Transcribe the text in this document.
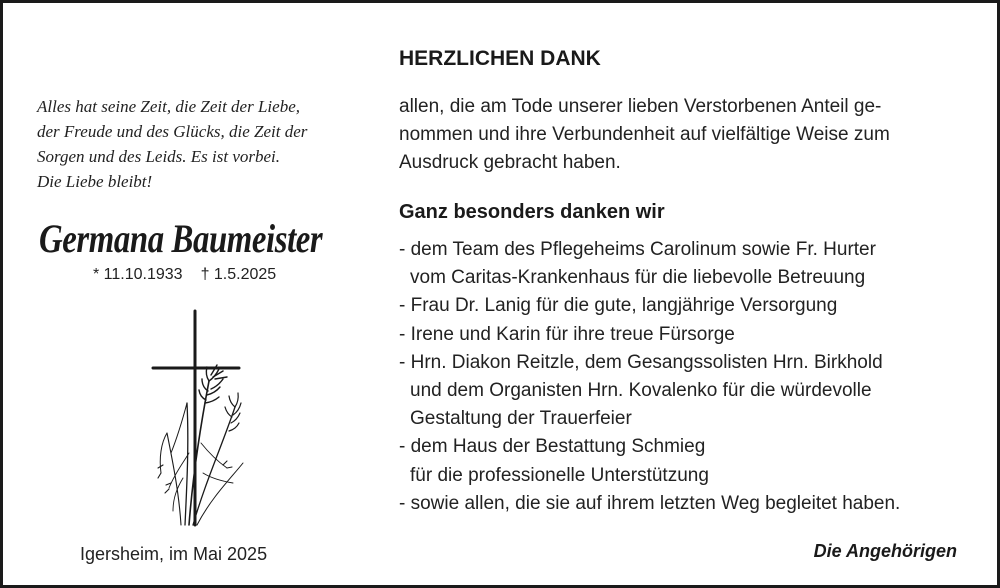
Alles hat seine Zeit, die Zeit der Liebe,
der Freude und des Glücks, die Zeit der
Sorgen und des Leids. Es ist vorbei.
Die Liebe bleibt!
Germana Baumeister
* 11.10.1933 † 1.5.2025
Igersheim, im Mai 2025
HERZLICHEN DANK
allen, die am Tode unserer lieben Verstorbenen Anteil ge-
nommen und ihre Verbundenheit auf vielfältige Weise zum
Ausdruck gebracht haben.
Ganz besonders danken wir
- dem Team des Pflegeheims Carolinum sowie Fr. Hurter
vom Caritas-Krankenhaus für die liebevolle Betreuung
- Frau Dr. Lanig für die gute, langjährige Versorgung
- Irene und Karin für ihre treue Fürsorge
- Hrn. Diakon Reitzle, dem Gesangssolisten Hrn. Birkhold
und dem Organisten Hrn. Kovalenko für die würdevolle
Gestaltung der Trauerfeier
- dem Haus der Bestattung Schmieg
für die professionelle Unterstützung
- sowie allen, die sie auf ihrem letzten Weg begleitet haben.
Die Angehörigen
